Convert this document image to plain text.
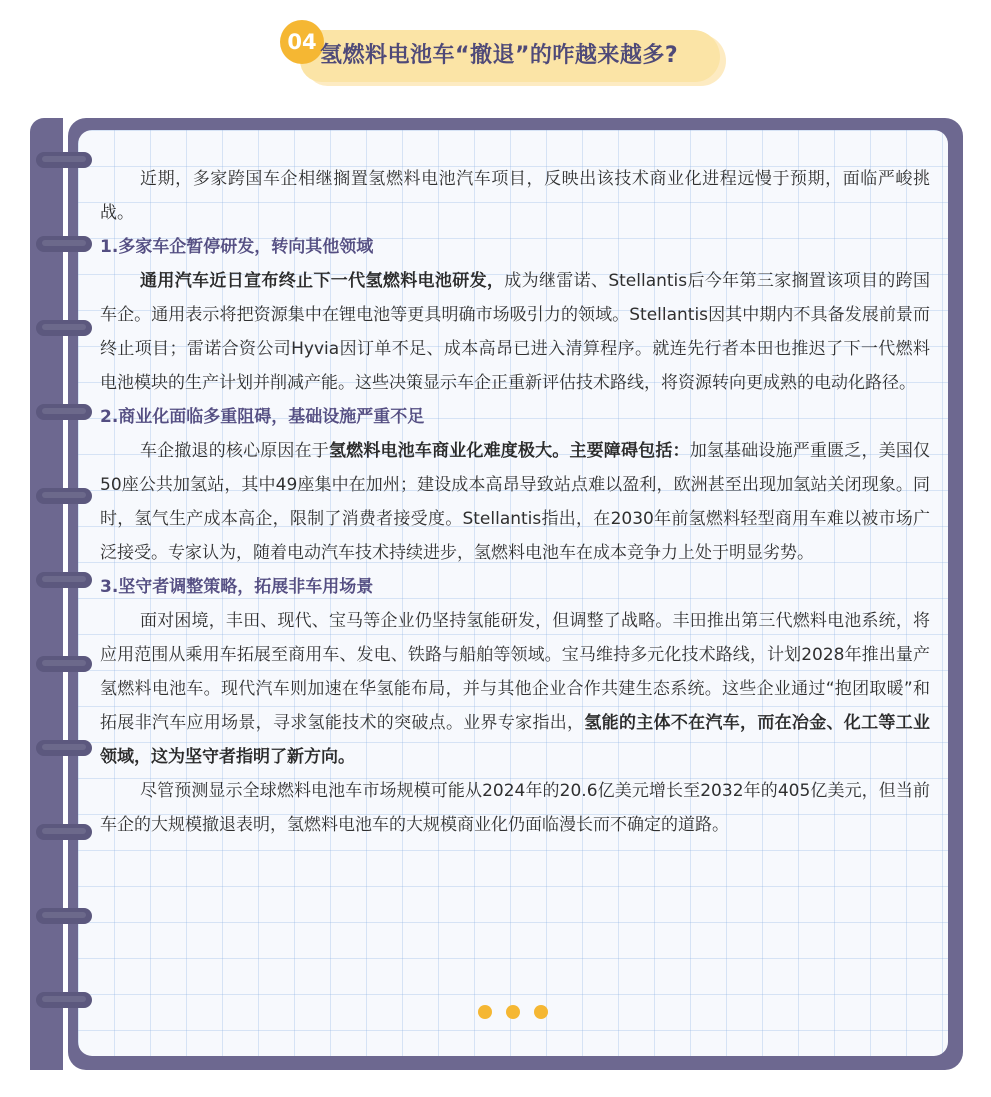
04
氢燃料电池车“撤退”的咋越来越多?

近期，多家跨国车企相继搁置氢燃料电池汽车项目，反映出该技术商业化进程远慢于预期，面临严峻挑战。

1.多家车企暂停研发，转向其他领域

通用汽车近日宣布终止下一代氢燃料电池研发，成为继雷诺、Stellantis后今年第三家搁置该项目的跨国车企。通用表示将把资源集中在锂电池等更具明确市场吸引力的领域。Stellantis因其中期内不具备发展前景而终止项目；雷诺合资公司Hyvia因订单不足、成本高昂已进入清算程序。就连先行者本田也推迟了下一代燃料电池模块的生产计划并削减产能。这些决策显示车企正重新评估技术路线，将资源转向更成熟的电动化路径。

2.商业化面临多重阻碍，基础设施严重不足

车企撤退的核心原因在于氢燃料电池车商业化难度极大。主要障碍包括：加氢基础设施严重匮乏，美国仅50座公共加氢站，其中49座集中在加州；建设成本高昂导致站点难以盈利，欧洲甚至出现加氢站关闭现象。同时，氢气生产成本高企，限制了消费者接受度。Stellantis指出，在2030年前氢燃料轻型商用车难以被市场广泛接受。专家认为，随着电动汽车技术持续进步，氢燃料电池车在成本竞争力上处于明显劣势。

3.坚守者调整策略，拓展非车用场景

面对困境，丰田、现代、宝马等企业仍坚持氢能研发，但调整了战略。丰田推出第三代燃料电池系统，将应用范围从乘用车拓展至商用车、发电、铁路与船舶等领域。宝马维持多元化技术路线，计划2028年推出量产氢燃料电池车。现代汽车则加速在华氢能布局，并与其他企业合作共建生态系统。这些企业通过“抱团取暖”和拓展非汽车应用场景，寻求氢能技术的突破点。业界专家指出，氢能的主体不在汽车，而在冶金、化工等工业领域，这为坚守者指明了新方向。

尽管预测显示全球燃料电池车市场规模可能从2024年的20.6亿美元增长至2032年的405亿美元，但当前车企的大规模撤退表明，氢燃料电池车的大规模商业化仍面临漫长而不确定的道路。
